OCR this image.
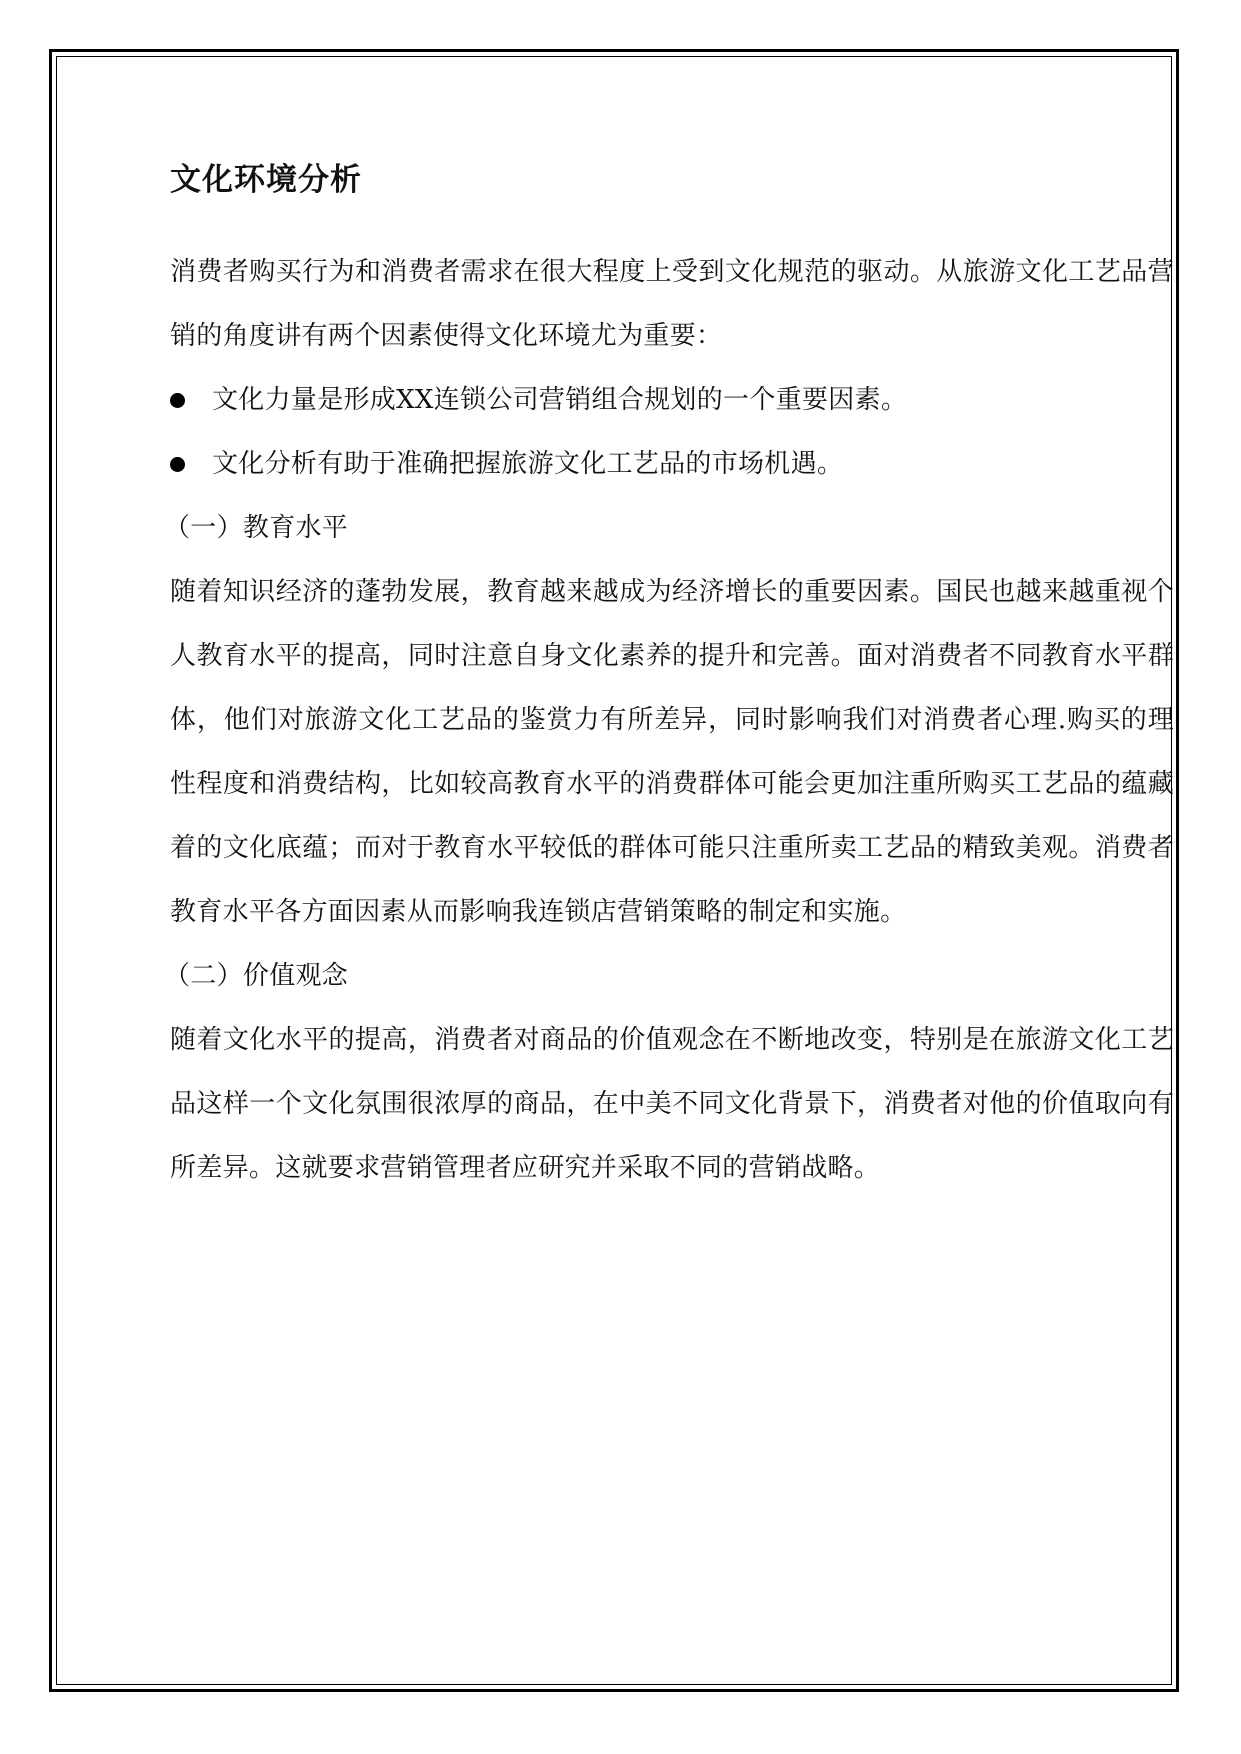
文化环境分析

消费者购买行为和消费者需求在很大程度上受到文化规范的驱动。从旅游文化工艺品营销的角度讲有两个因素使得文化环境尤为重要：

文化力量是形成XX连锁公司营销组合规划的一个重要因素。
文化分析有助于准确把握旅游文化工艺品的市场机遇。

（一）教育水平

随着知识经济的蓬勃发展，教育越来越成为经济增长的重要因素。国民也越来越重视个人教育水平的提高，同时注意自身文化素养的提升和完善。面对消费者不同教育水平群体，他们对旅游文化工艺品的鉴赏力有所差异，同时影响我们对消费者心理.购买的理性程度和消费结构，比如较高教育水平的消费群体可能会更加注重所购买工艺品的蕴藏着的文化底蕴；而对于教育水平较低的群体可能只注重所卖工艺品的精致美观。消费者教育水平各方面因素从而影响我连锁店营销策略的制定和实施。

（二）价值观念

随着文化水平的提高，消费者对商品的价值观念在不断地改变，特别是在旅游文化工艺品这样一个文化氛围很浓厚的商品，在中美不同文化背景下，消费者对他的价值取向有所差异。这就要求营销管理者应研究并采取不同的营销战略。
